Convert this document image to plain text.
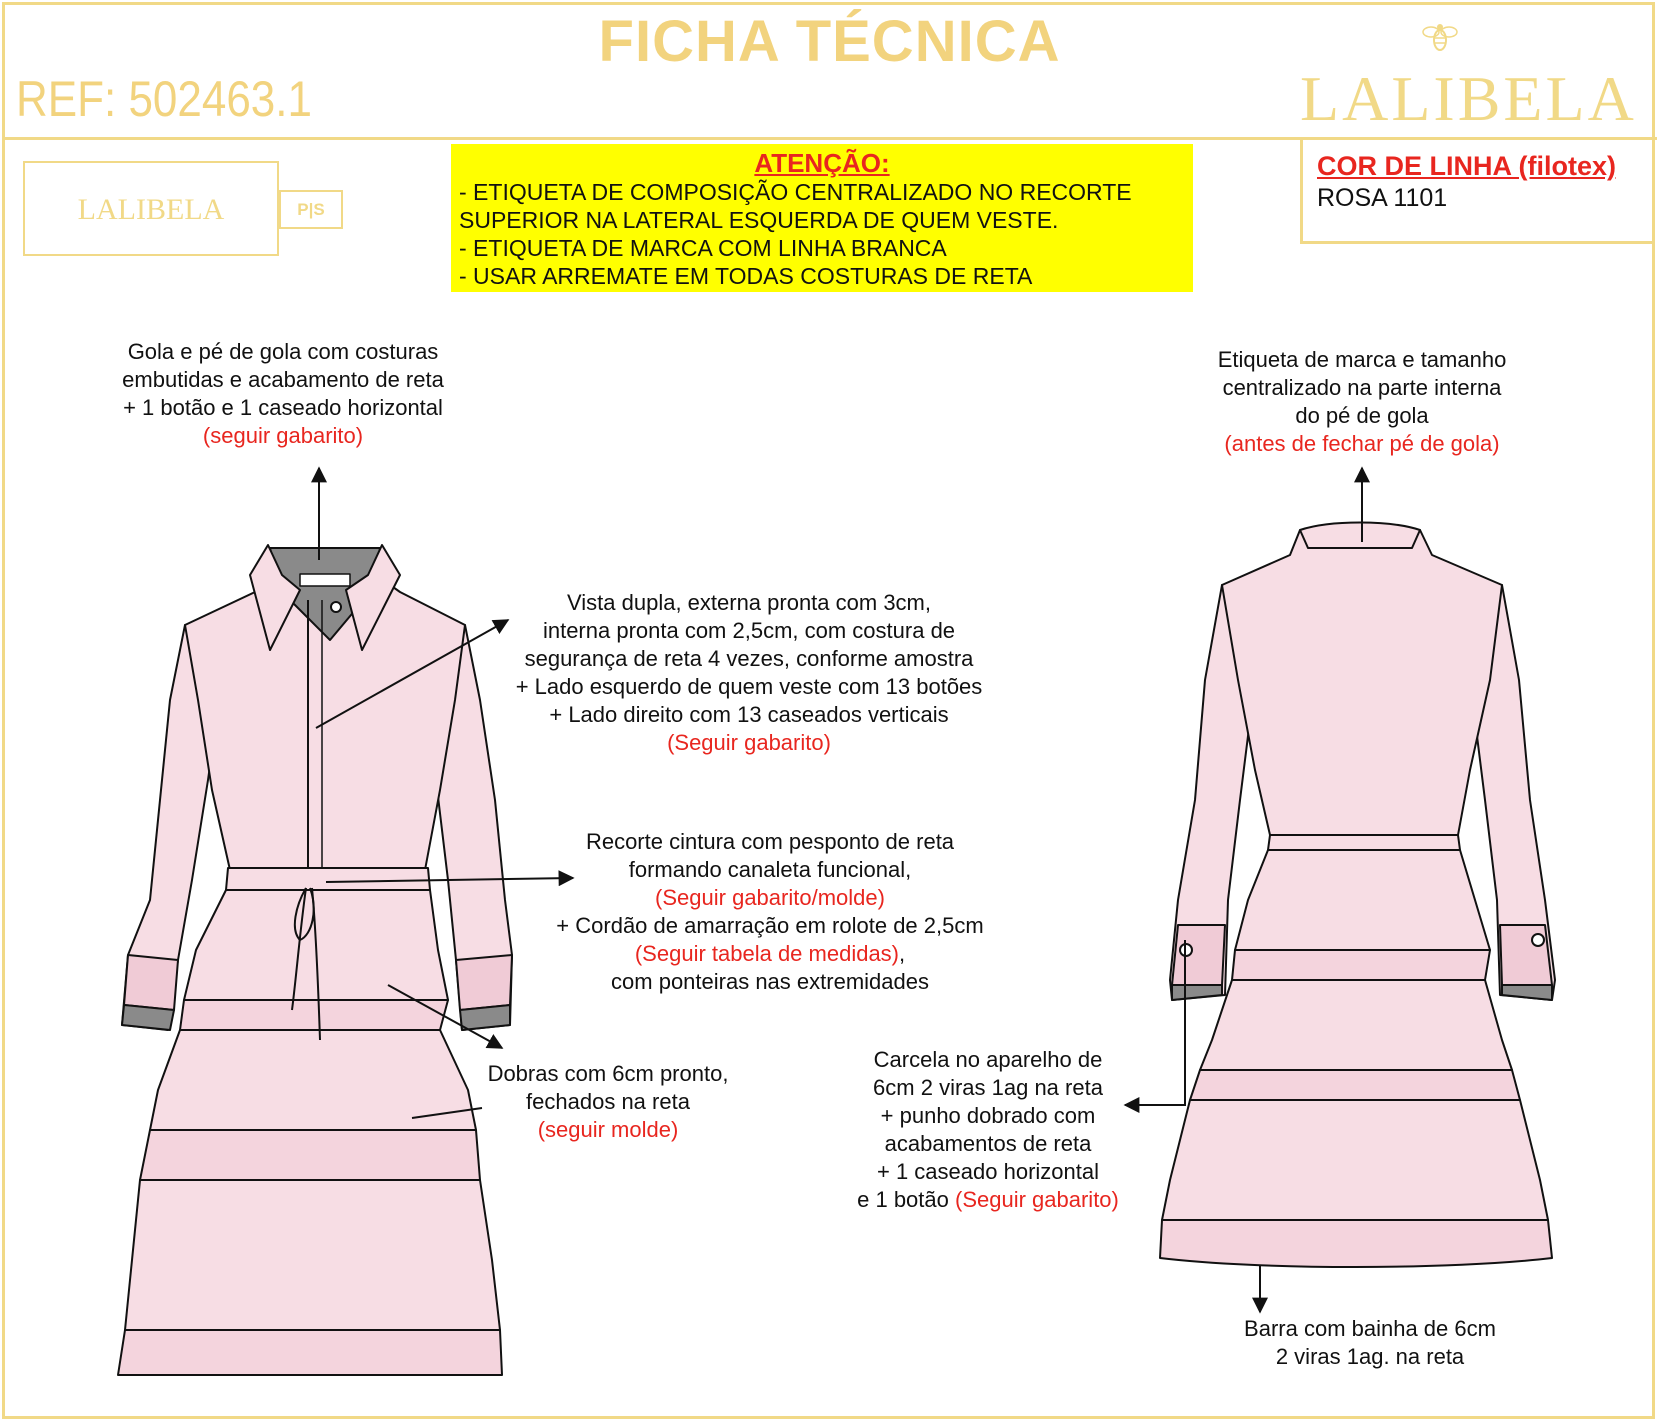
FICHA TÉCNICA
REF: 502463.1	LALIBELA
LALIBELA	P|S
ATENÇÃO:
- ETIQUETA DE COMPOSIÇÃO CENTRALIZADO NO RECORTE
SUPERIOR NA LATERAL ESQUERDA DE QUEM VESTE.
- ETIQUETA DE MARCA COM LINHA BRANCA
- USAR ARREMATE EM TODAS COSTURAS DE RETA
COR DE LINHA (filotex)
ROSA 1101
Gola e pé de gola com costuras
embutidas e acabamento de reta
+ 1 botão e 1 caseado horizontal
(seguir gabarito)
Vista dupla, externa pronta com 3cm,
interna pronta com 2,5cm, com costura de
segurança de reta 4 vezes, conforme amostra
+ Lado esquerdo de quem veste com 13 botões
+ Lado direito com 13 caseados verticais
(Seguir gabarito)
Recorte cintura com pesponto de reta
formando canaleta funcional,
(Seguir gabarito/molde)
+ Cordão de amarração em rolote de 2,5cm
(Seguir tabela de medidas),
com ponteiras nas extremidades
Dobras com 6cm pronto,
fechados na reta
(seguir molde)
Etiqueta de marca e tamanho
centralizado na parte interna
do pé de gola
(antes de fechar pé de gola)
Carcela no aparelho de
6cm 2 viras 1ag na reta
+ punho dobrado com
acabamentos de reta
+ 1 caseado horizontal
e 1 botão (Seguir gabarito)
Barra com bainha de 6cm
2 viras 1ag. na reta
